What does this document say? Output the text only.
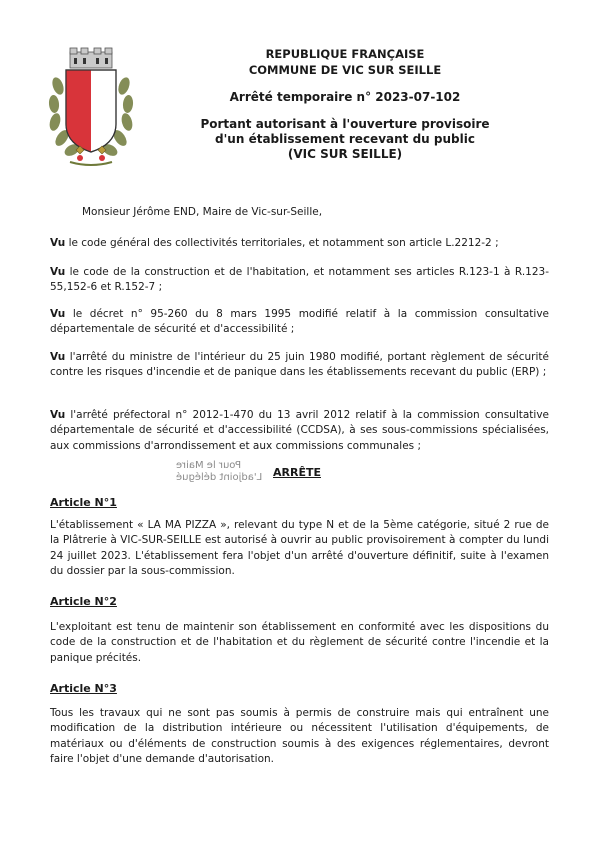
REPUBLIQUE FRANÇAISE
COMMUNE DE VIC SUR SEILLE
Arrêté temporaire n° 2023-07-102
Portant autorisant à l'ouverture provisoire
d'un établissement recevant du public
(VIC SUR SEILLE)
Monsieur Jérôme END, Maire de Vic-sur-Seille,
Vu le code général des collectivités territoriales, et notamment son article L.2212-2 ;
Vu le code de la construction et de l'habitation, et notamment ses articles R.123-1 à R.123-55,152-6 et R.152-7 ;
Vu le décret n° 95-260 du 8 mars 1995 modifié relatif à la commission consultative départementale de sécurité et d'accessibilité ;
Vu l'arrêté du ministre de l'intérieur du 25 juin 1980 modifié, portant règlement de sécurité contre les risques d'incendie et de panique dans les établissements recevant du public (ERP) ;
Vu l'arrêté préfectoral n° 2012-1-470 du 13 avril 2012 relatif à la commission consultative départementale de sécurité et d'accessibilité (CCDSA), à ses sous-commissions spécialisées, aux commissions d'arrondissement et aux commissions communales ;
Pour le Maire
L'adjoint délégué ARRÊTE
Article N°1
L'établissement « LA MA PIZZA », relevant du type N et de la 5ème catégorie, situé 2 rue de la Plâtrerie à VIC-SUR-SEILLE est autorisé à ouvrir au public provisoirement à compter du lundi 24 juillet 2023. L'établissement fera l'objet d'un arrêté d'ouverture définitif, suite à l'examen du dossier par la sous-commission.
Article N°2
L'exploitant est tenu de maintenir son établissement en conformité avec les dispositions du code de la construction et de l'habitation et du règlement de sécurité contre l'incendie et la panique précités.
Article N°3
Tous les travaux qui ne sont pas soumis à permis de construire mais qui entraînent une modification de la distribution intérieure ou nécessitent l'utilisation d'équipements, de matériaux ou d'éléments de construction soumis à des exigences réglementaires, devront faire l'objet d'une demande d'autorisation.
